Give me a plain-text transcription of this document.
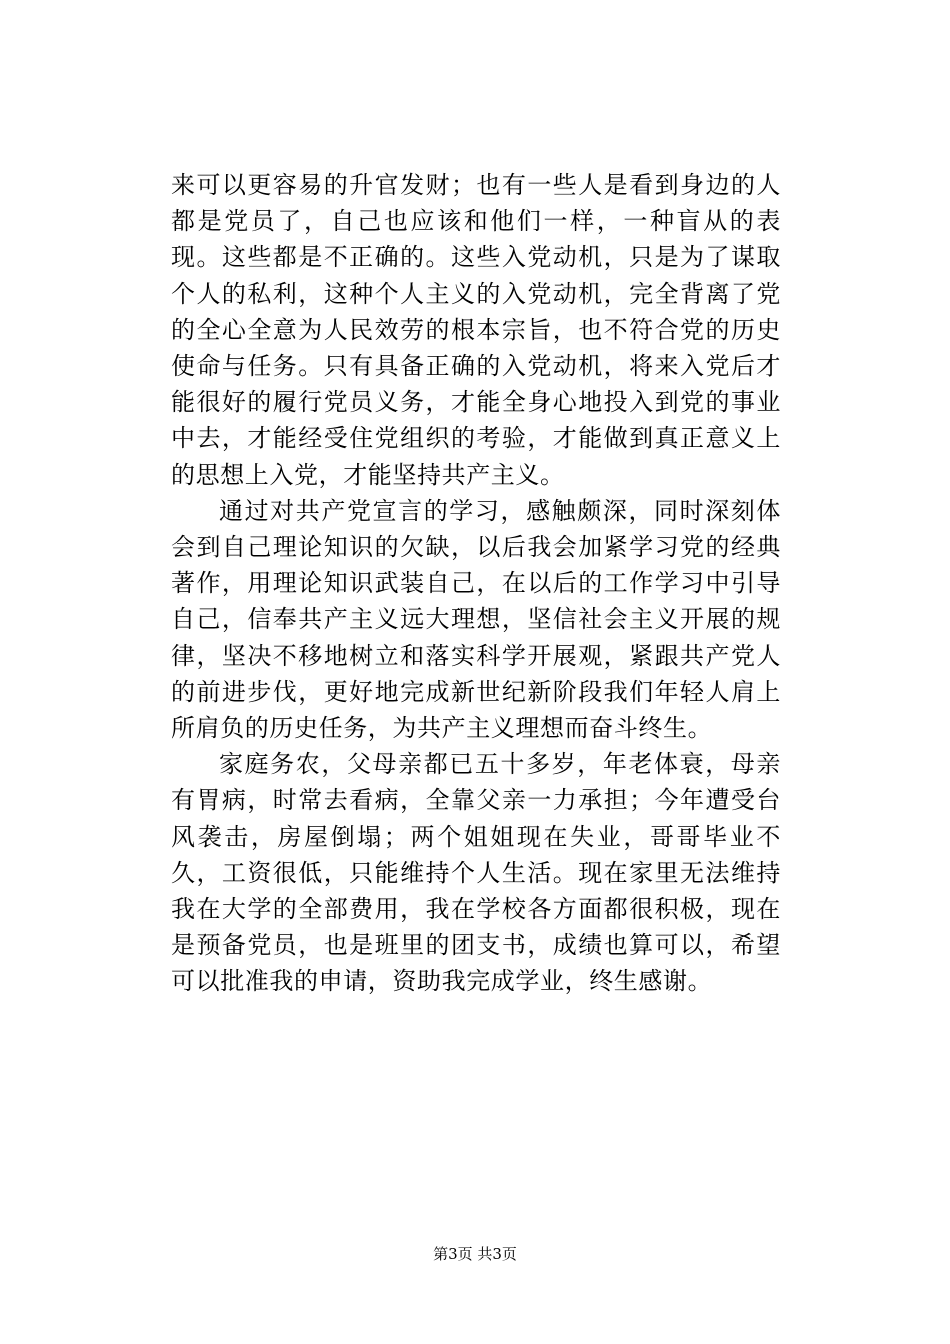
来可以更容易的升官发财；也有一些人是看到身边的人都是党员了，自己也应该和他们一样，一种盲从的表现。这些都是不正确的。这些入党动机，只是为了谋取个人的私利，这种个人主义的入党动机，完全背离了党的全心全意为人民效劳的根本宗旨，也不符合党的历史使命与任务。只有具备正确的入党动机，将来入党后才能很好的履行党员义务，才能全身心地投入到党的事业中去，才能经受住党组织的考验，才能做到真正意义上的思想上入党，才能坚持共产主义。

通过对共产党宣言的学习，感触颇深，同时深刻体会到自己理论知识的欠缺，以后我会加紧学习党的经典著作，用理论知识武装自己，在以后的工作学习中引导自己，信奉共产主义远大理想，坚信社会主义开展的规律，坚决不移地树立和落实科学开展观，紧跟共产党人的前进步伐，更好地完成新世纪新阶段我们年轻人肩上所肩负的历史任务，为共产主义理想而奋斗终生。

家庭务农，父母亲都已五十多岁，年老体衰，母亲有胃病，时常去看病，全靠父亲一力承担；今年遭受台风袭击，房屋倒塌；两个姐姐现在失业，哥哥毕业不久，工资很低，只能维持个人生活。现在家里无法维持我在大学的全部费用，我在学校各方面都很积极，现在是预备党员，也是班里的团支书，成绩也算可以，希望可以批准我的申请，资助我完成学业，终生感谢。

第3页 共3页
